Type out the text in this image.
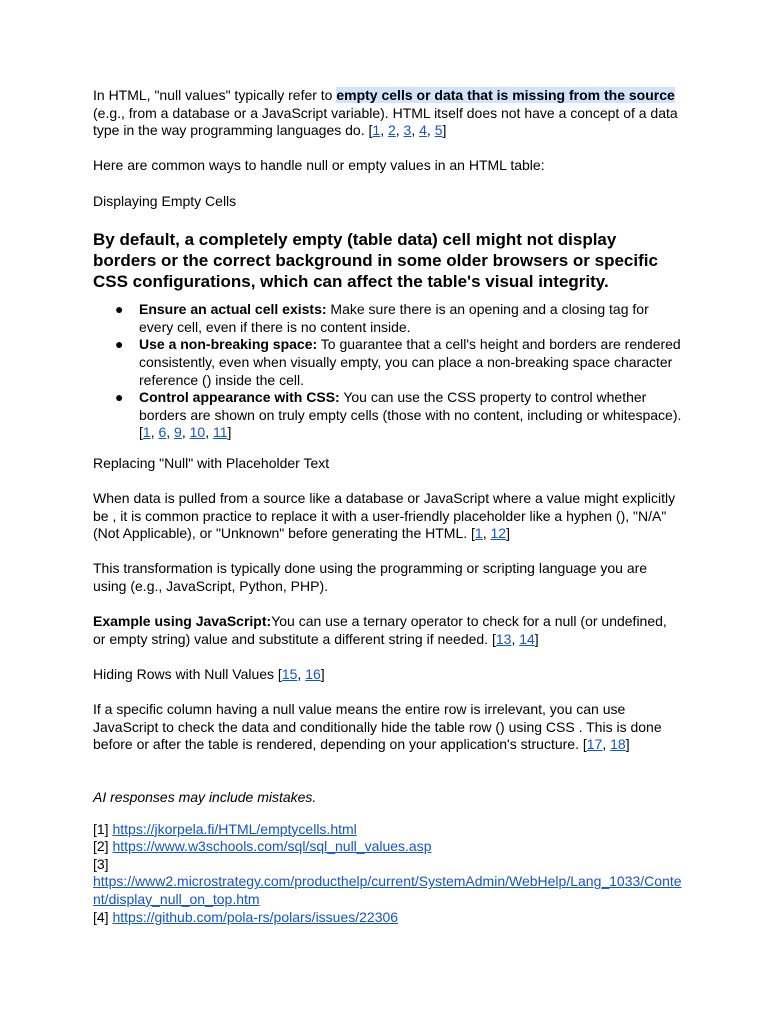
In HTML, "null values" typically refer to empty cells or data that is missing from the source (e.g., from a database or a JavaScript variable). HTML itself does not have a concept of a data type in the way programming languages do. [1, 2, 3, 4, 5]

Here are common ways to handle null or empty values in an HTML table:

Displaying Empty Cells

By default, a completely empty (table data) cell might not display borders or the correct background in some older browsers or specific CSS configurations, which can affect the table's visual integrity.
● Ensure an actual cell exists: Make sure there is an opening and a closing tag for every cell, even if there is no content inside.
● Use a non-breaking space: To guarantee that a cell's height and borders are rendered consistently, even when visually empty, you can place a non-breaking space character reference () inside the cell.
● Control appearance with CSS: You can use the CSS property to control whether borders are shown on truly empty cells (those with no content, including or whitespace). [1, 6, 9, 10, 11]

Replacing "Null" with Placeholder Text

When data is pulled from a source like a database or JavaScript where a value might explicitly be , it is common practice to replace it with a user-friendly placeholder like a hyphen (), "N/A" (Not Applicable), or "Unknown" before generating the HTML. [1, 12]

This transformation is typically done using the programming or scripting language you are using (e.g., JavaScript, Python, PHP).

Example using JavaScript:You can use a ternary operator to check for a null (or undefined, or empty string) value and substitute a different string if needed. [13, 14]

Hiding Rows with Null Values [15, 16]

If a specific column having a null value means the entire row is irrelevant, you can use JavaScript to check the data and conditionally hide the table row () using CSS . This is done before or after the table is rendered, depending on your application's structure. [17, 18]

AI responses may include mistakes.

[1] https://jkorpela.fi/HTML/emptycells.html

[2] https://www.w3schools.com/sql/sql_null_values.asp

[3]

https://www2.microstrategy.com/producthelp/current/SystemAdmin/WebHelp/Lang_1033/Content/display_null_on_top.htm

[4] https://github.com/pola-rs/polars/issues/22306
